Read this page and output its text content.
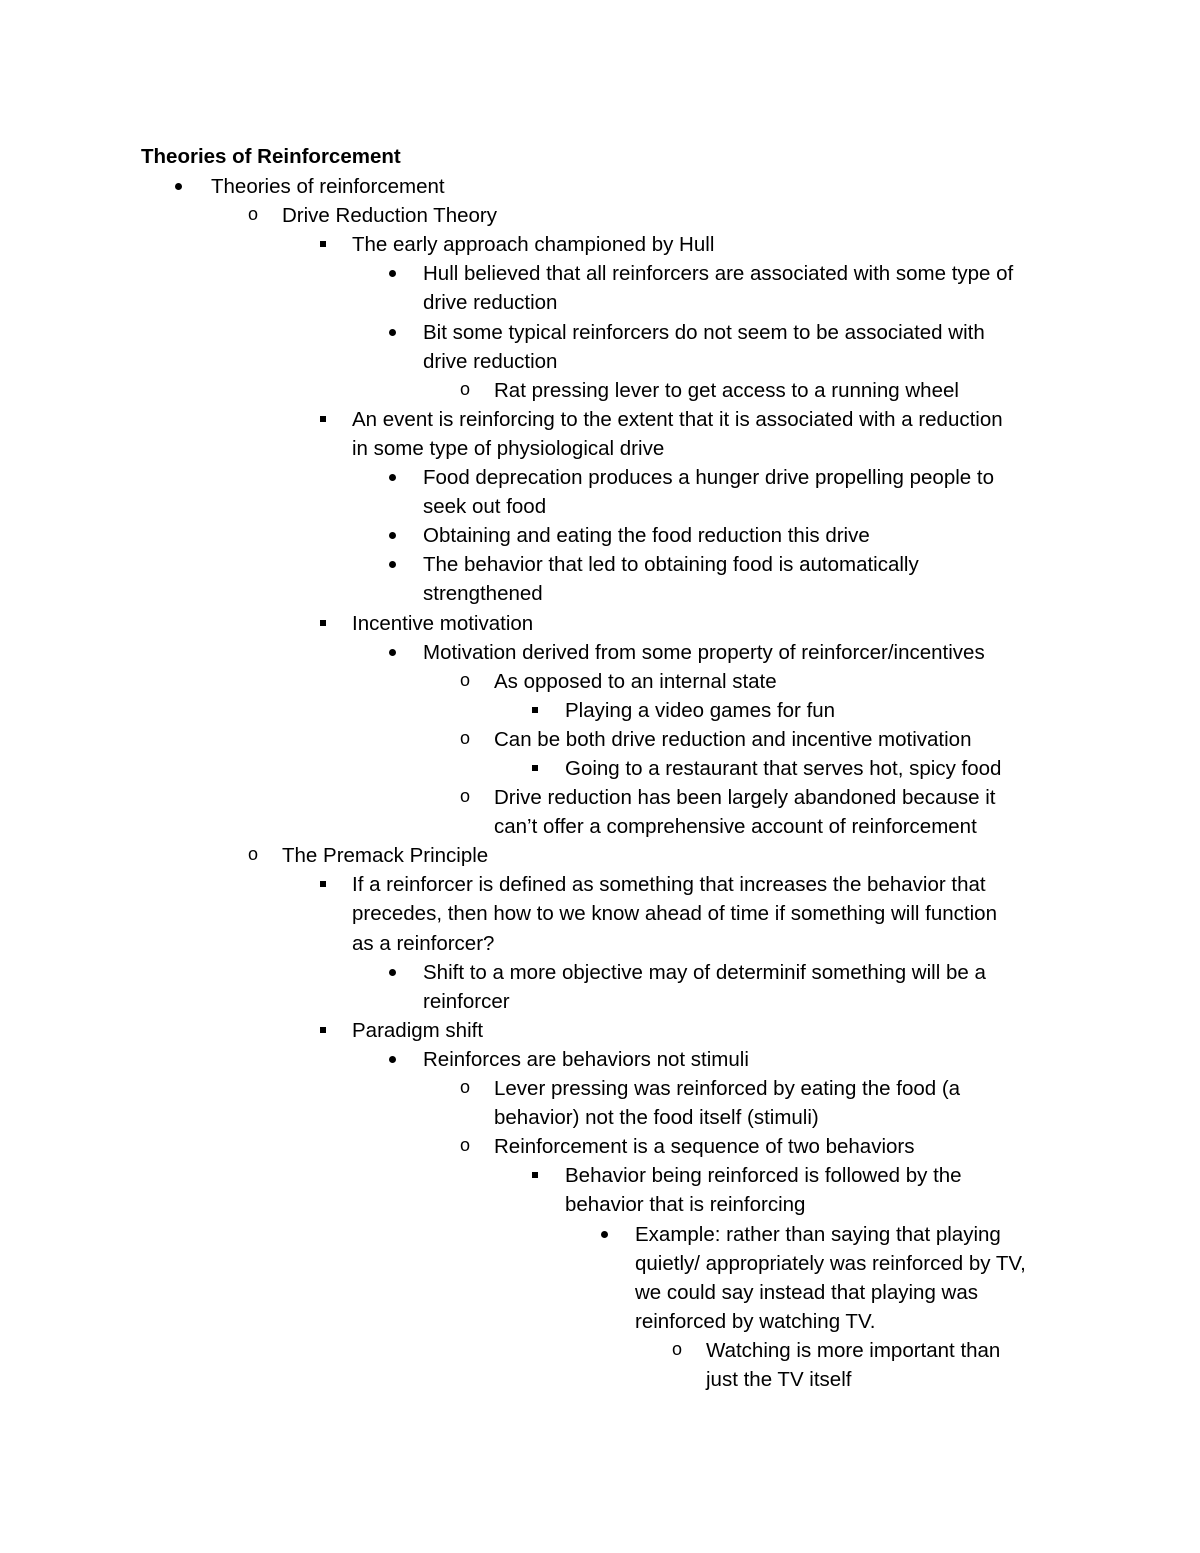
Theories of Reinforcement
Theories of reinforcement
o	Drive Reduction Theory
The early approach championed by Hull
Hull believed that all reinforcers are associated with some type of
drive reduction
Bit some typical reinforcers do not seem to be associated with
drive reduction
o	Rat pressing lever to get access to a running wheel
An event is reinforcing to the extent that it is associated with a reduction
in some type of physiological drive
Food deprecation produces a hunger drive propelling people to
seek out food
Obtaining and eating the food reduction this drive
The behavior that led to obtaining food is automatically
strengthened
Incentive motivation
Motivation derived from some property of reinforcer/incentives
o	As opposed to an internal state
Playing a video games for fun
o	Can be both drive reduction and incentive motivation
Going to a restaurant that serves hot, spicy food
o	Drive reduction has been largely abandoned because it
can’t offer a comprehensive account of reinforcement
o	The Premack Principle
If a reinforcer is defined as something that increases the behavior that
precedes, then how to we know ahead of time if something will function
as a reinforcer?
Shift to a more objective may of determinif something will be a
reinforcer
Paradigm shift
Reinforces are behaviors not stimuli
o	Lever pressing was reinforced by eating the food (a
behavior) not the food itself (stimuli)
o	Reinforcement is a sequence of two behaviors
Behavior being reinforced is followed by the
behavior that is reinforcing
Example: rather than saying that playing
quietly/ appropriately was reinforced by TV,
we could say instead that playing was
reinforced by watching TV.
o	Watching is more important than
just the TV itself
